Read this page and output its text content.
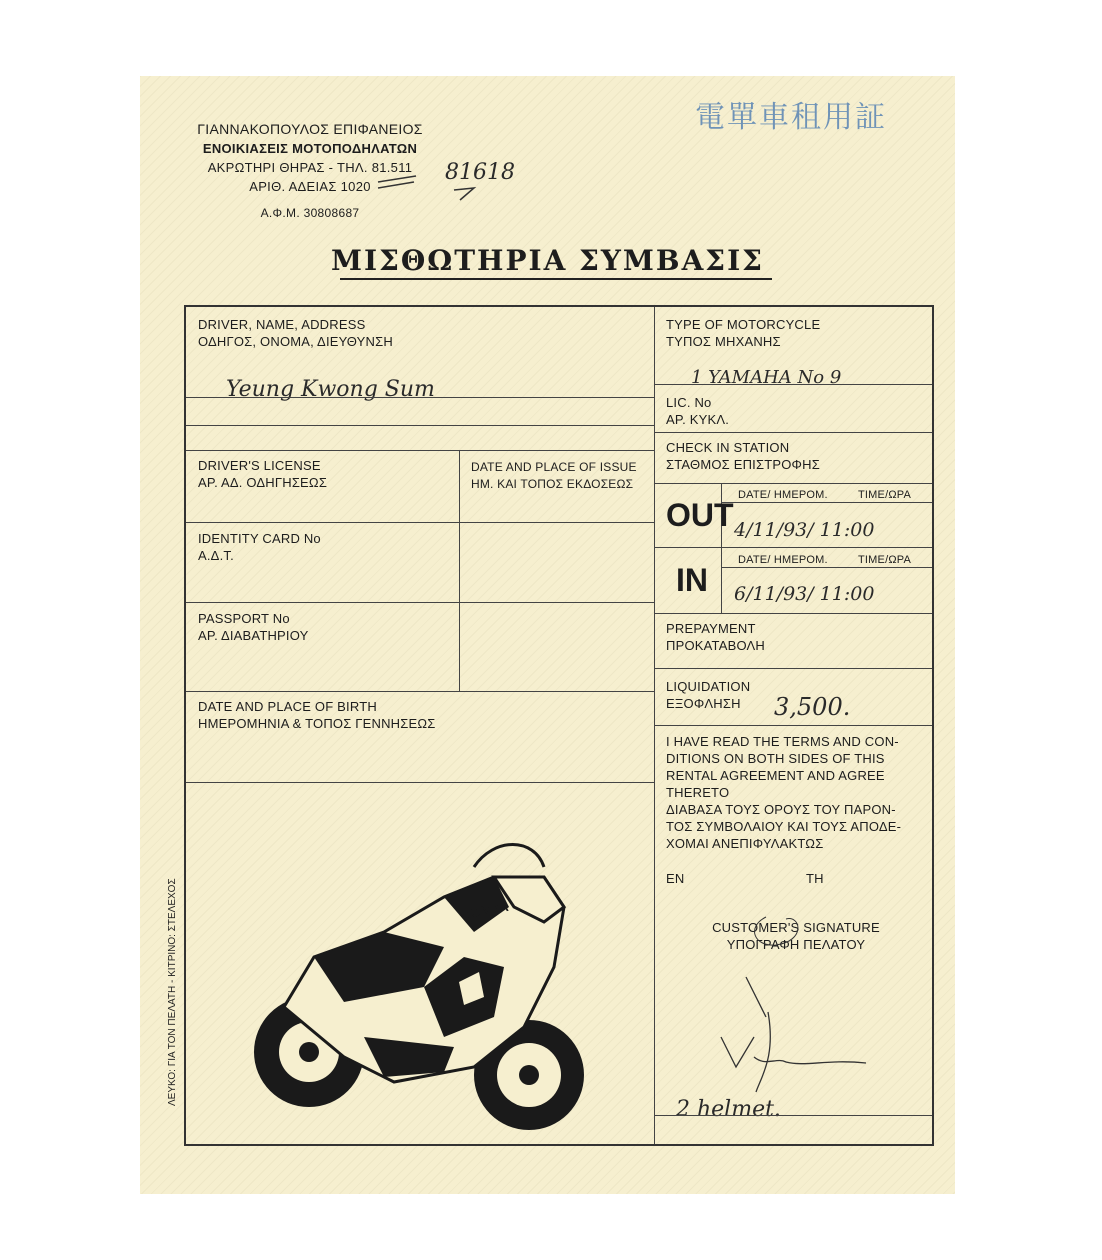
ΓΙΑΝΝΑΚΟΠΟΥΛΟΣ ΕΠΙΦΑΝΕΙΟΣ
ΕΝΟΙΚΙΑΣΕΙΣ ΜΟΤΟΠΟΔΗΛΑΤΩΝ
ΑΚΡΩΤΗΡΙ ΘΗΡΑΣ - ΤΗΛ. 81.511
ΑΡΙΘ. ΑΔΕΙΑΣ 1020
Α.Φ.Μ. 30808687
81618
電單車租用証
ΜΙΣΘΩΤΗΡΙΑ ΣΥΜΒΑΣΙΣ
DRIVER, NAME, ADDRESS
ΟΔΗΓΟΣ, ΟΝΟΜΑ, ΔΙΕΥΘΥΝΣΗ
Yeung Kwong Sum
DRIVER'S LICENSE
ΑΡ. ΑΔ. ΟΔΗΓΗΣΕΩΣ
DATE AND PLACE OF ISSUE
ΗΜ. ΚΑΙ ΤΟΠΟΣ ΕΚΔΟΣΕΩΣ
IDENTITY CARD No
Α.Δ.Τ.
PASSPORT No
ΑΡ. ΔΙΑΒΑΤΗΡΙΟΥ
DATE AND PLACE OF BIRTH
ΗΜΕΡΟΜΗΝΙΑ & ΤΟΠΟΣ ΓΕΝΝΗΣΕΩΣ
TYPE OF MOTORCYCLE
ΤΥΠΟΣ ΜΗΧΑΝΗΣ
1 YAMAHA No 9
LIC. No
ΑΡ. ΚΥΚΛ.
CHECK IN STATION
ΣΤΑΘΜΟΣ ΕΠΙΣΤΡΟΦΗΣ
DATE/ ΗΜΕΡΟΜ.	TIME/ΩΡΑ
OUT 4/11/93/ 11:00
DATE/ ΗΜΕΡΟΜ.	TIME/ΩΡΑ
IN 6/11/93/ 11:00
PREPAYMENT
ΠΡΟΚΑΤΑΒΟΛΗ
LIQUIDATION
ΕΞΟΦΛΗΣΗ	3,500.
I HAVE READ THE TERMS AND CON-
DITIONS ON BOTH SIDES OF THIS
RENTAL AGREEMENT AND AGREE
THERETO
ΔΙΑΒΑΣΑ ΤΟΥΣ ΟΡΟΥΣ ΤΟΥ ΠΑΡΟΝ-
ΤΟΣ ΣΥΜΒΟΛΑΙΟΥ ΚΑΙ ΤΟΥΣ ΑΠΟΔΕ-
ΧΟΜΑΙ ΑΝΕΠΙΦΥΛΑΚΤΩΣ
ΕΝ	ΤΗ
CUSTOMER'S SIGNATURE
ΥΠΟΓΡΑΦΗ ΠΕΛΑΤΟΥ
2 helmet.
HONDA
ΛΕΥΚΟ: ΓΙΑ ΤΟΝ ΠΕΛΑΤΗ - ΚΙΤΡΙΝΟ: ΣΤΕΛΕΧΟΣ
